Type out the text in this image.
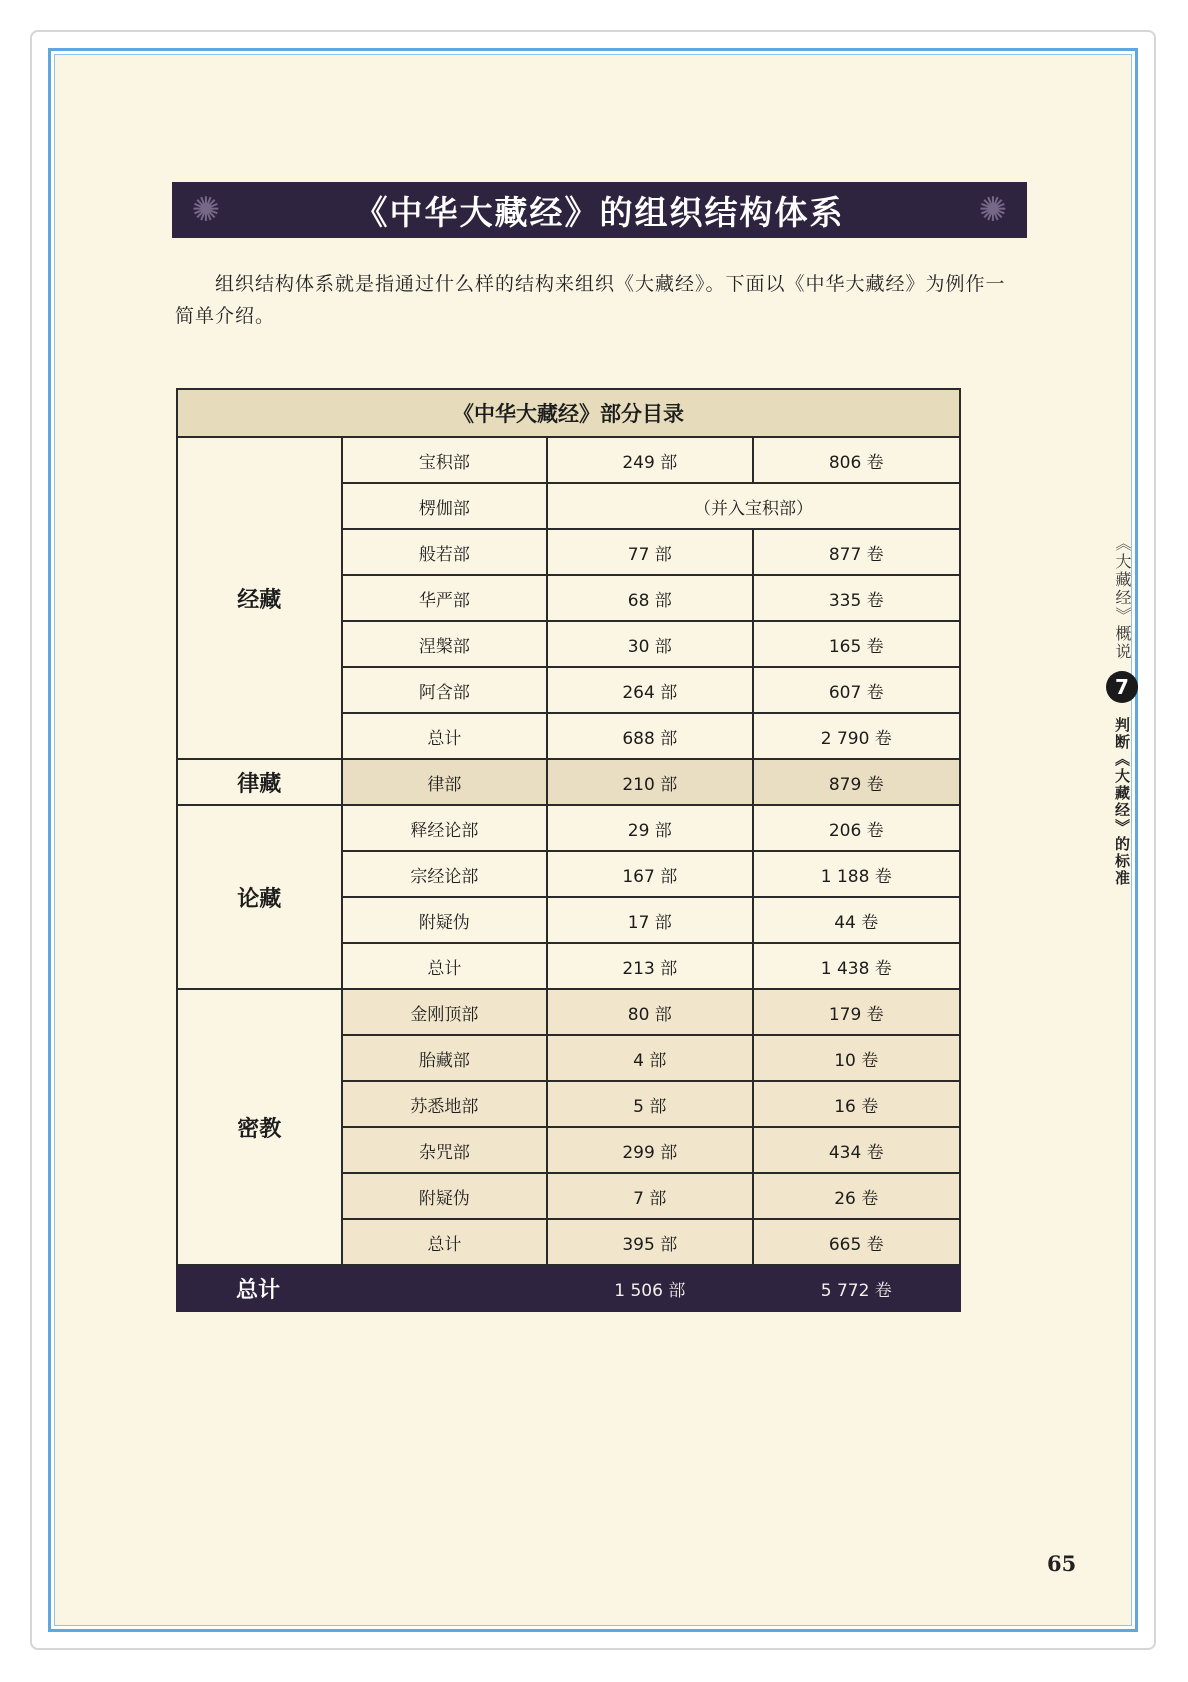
✺	《中华大藏经》的组织结构体系	✺

组织结构体系就是指通过什么样的结构来组织《大藏经》。下面以《中华大藏经》为例作一简单介绍。

《中华大藏经》部分目录			
经藏	宝积部	249 部	806 卷
	楞伽部	（并入宝积部）	
	般若部	77 部	877 卷
	华严部	68 部	335 卷
	涅槃部	30 部	165 卷
	阿含部	264 部	607 卷
	总计	688 部	2 790 卷
律藏	律部	210 部	879 卷
论藏	释经论部	29 部	206 卷
	宗经论部	167 部	1 188 卷
	附疑伪	17 部	44 卷
	总计	213 部	1 438 卷
密教	金刚顶部	80 部	179 卷
	胎藏部	4 部	10 卷
	苏悉地部	5 部	16 卷
	杂咒部	299 部	434 卷
	附疑伪	7 部	26 卷
	总计	395 部	665 卷
总计		1 506 部	5 772 卷
《大藏经》概说
7
判断《大藏经》的标准
65
